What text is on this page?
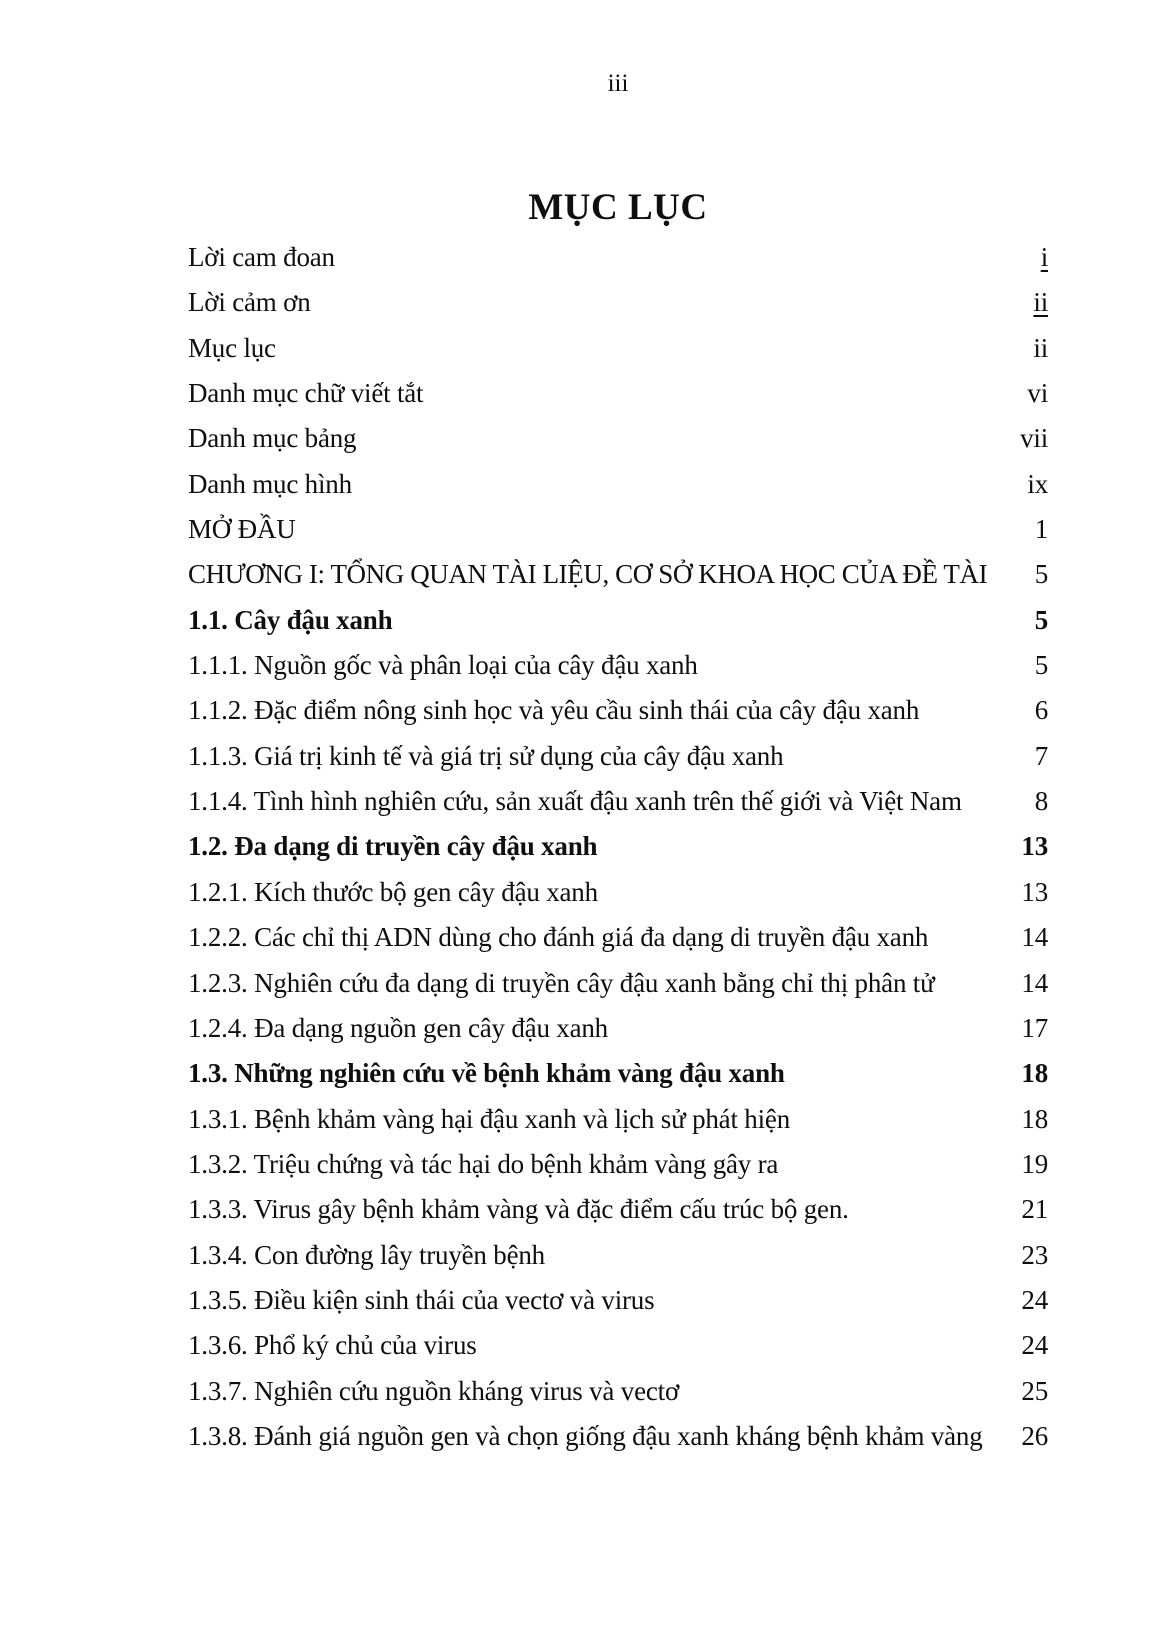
iii
MỤC LỤC
Lời cam đoan	i
Lời cảm ơn	ii
Mục lục	ii
Danh mục chữ viết tắt	vi
Danh mục bảng	vii
Danh mục hình	ix
MỞ ĐẦU	1
CHƯƠNG I: TỔNG QUAN TÀI LIỆU, CƠ SỞ KHOA HỌC CỦA ĐỀ TÀI 5
1.1. Cây đậu xanh	5
1.1.1. Nguồn gốc và phân loại của cây đậu xanh	5
1.1.2. Đặc điểm nông sinh học và yêu cầu sinh thái của cây đậu xanh	6
1.1.3. Giá trị kinh tế và giá trị sử dụng của cây đậu xanh	7
1.1.4. Tình hình nghiên cứu, sản xuất đậu xanh trên thế giới và Việt Nam	8
1.2. Đa dạng di truyền cây đậu xanh	13
1.2.1. Kích thước bộ gen cây đậu xanh	13
1.2.2. Các chỉ thị ADN dùng cho đánh giá đa dạng di truyền đậu xanh	14
1.2.3. Nghiên cứu đa dạng di truyền cây đậu xanh bằng chỉ thị phân tử	14
1.2.4. Đa dạng nguồn gen cây đậu xanh	17
1.3. Những nghiên cứu về bệnh khảm vàng đậu xanh	18
1.3.1. Bệnh khảm vàng hại đậu xanh và lịch sử phát hiện	18
1.3.2. Triệu chứng và tác hại do bệnh khảm vàng gây ra	19
1.3.3. Virus gây bệnh khảm vàng và đặc điểm cấu trúc bộ gen.	21
1.3.4. Con đường lây truyền bệnh	23
1.3.5. Điều kiện sinh thái của vectơ và virus	24
1.3.6. Phổ ký chủ của virus	24
1.3.7. Nghiên cứu nguồn kháng virus và vectơ	25
1.3.8. Đánh giá nguồn gen và chọn giống đậu xanh kháng bệnh khảm vàng 26
